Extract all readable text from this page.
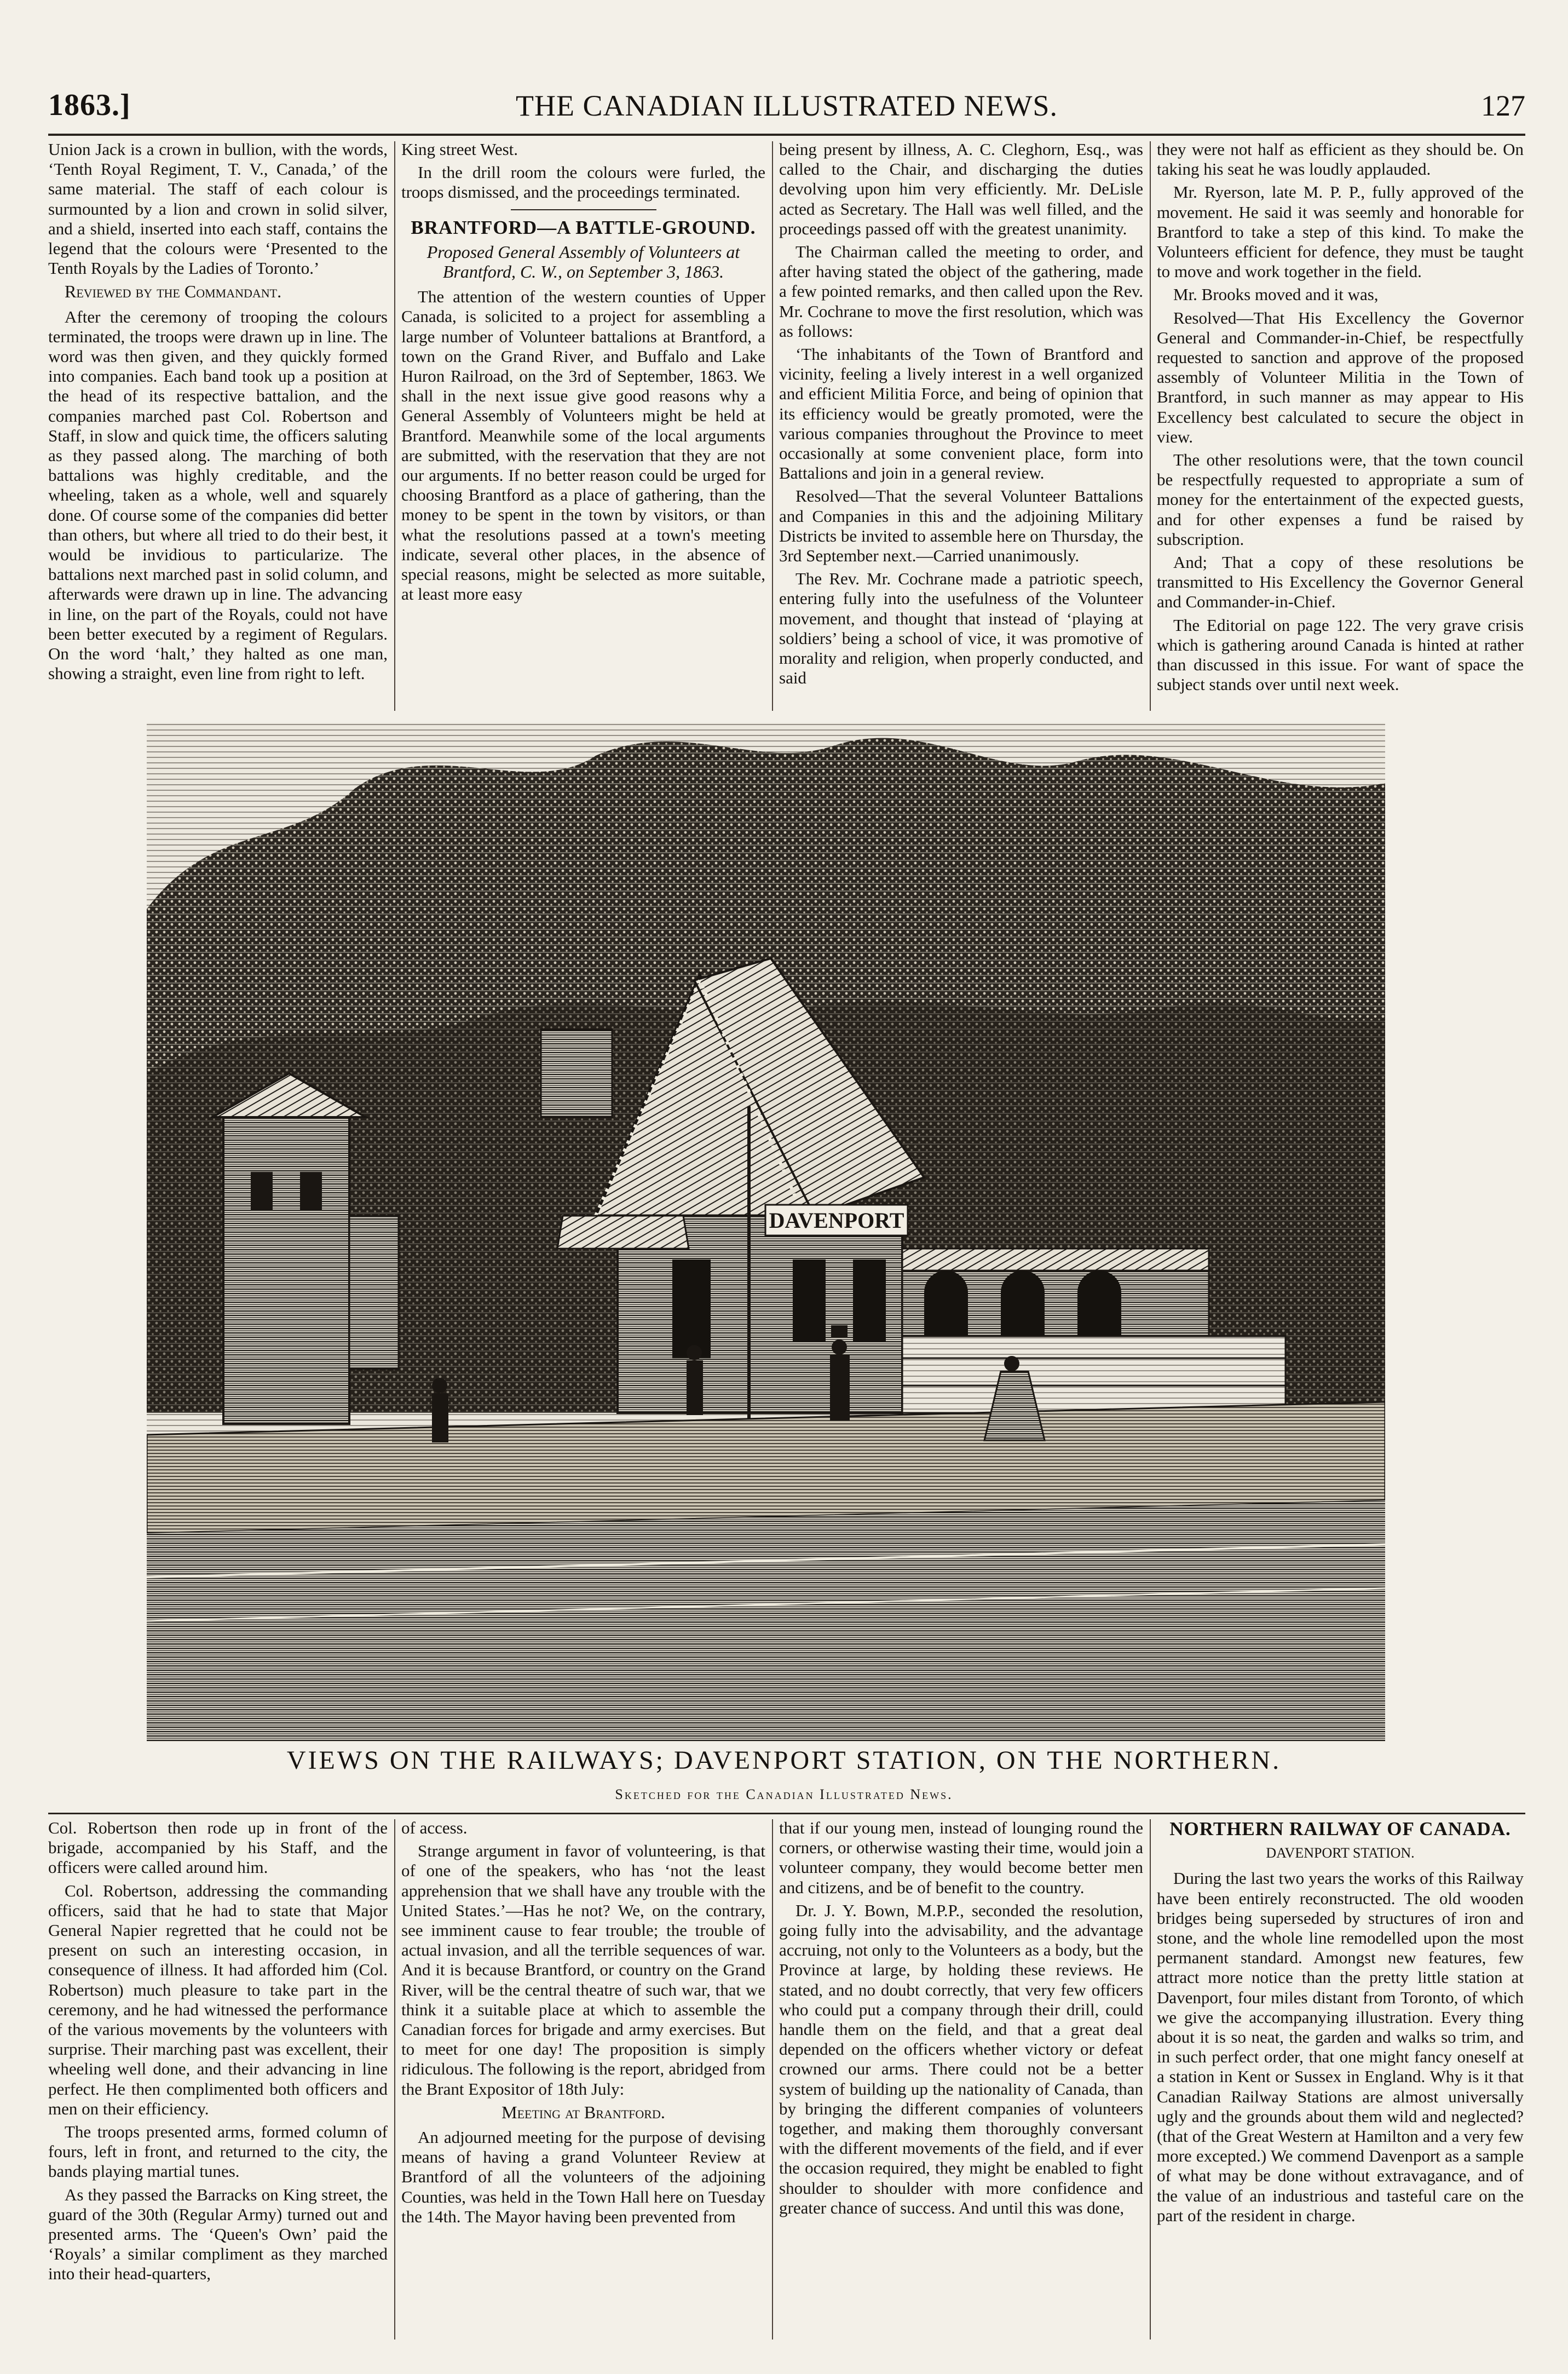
1863.]	THE CANADIAN ILLUSTRATED NEWS.	127

Union Jack is a crown in bullion, with the words, ‘Tenth Royal Regiment, T. V., Canada,’ of the same material. The staff of each colour is surmounted by a lion and crown in solid silver, and a shield, inserted into each staff, contains the legend that the colours were ‘Presented to the Tenth Royals by the Ladies of Toronto.’

Reviewed by the Commandant.

After the ceremony of trooping the colours terminated, the troops were drawn up in line. The word was then given, and they quickly formed into companies. Each band took up a position at the head of its respective battalion, and the companies marched past Col. Robertson and Staff, in slow and quick time, the officers saluting as they passed along. The marching of both battalions was highly creditable, and the wheeling, taken as a whole, well and squarely done. Of course some of the companies did better than others, but where all tried to do their best, it would be invidious to particularize. The battalions next marched past in solid column, and afterwards were drawn up in line. The advancing in line, on the part of the Royals, could not have been better executed by a regiment of Regulars. On the word ‘halt,’ they halted as one man, showing a straight, even line from right to left.

King street West.

In the drill room the colours were furled, the troops dismissed, and the proceedings terminated.

BRANTFORD—A BATTLE-GROUND.
Proposed General Assembly of Volunteers at Brantford, C. W., on September 3, 1863.

The attention of the western counties of Upper Canada, is solicited to a project for assembling a large number of Volunteer battalions at Brantford, a town on the Grand River, and Buffalo and Lake Huron Railroad, on the 3rd of September, 1863. We shall in the next issue give good reasons why a General Assembly of Volunteers might be held at Brantford. Meanwhile some of the local arguments are submitted, with the reservation that they are not our arguments. If no better reason could be urged for choosing Brantford as a place of gathering, than the money to be spent in the town by visitors, or than what the resolutions passed at a town's meeting indicate, several other places, in the absence of special reasons, might be selected as more suitable, at least more easy

being present by illness, A. C. Cleghorn, Esq., was called to the Chair, and discharging the duties devolving upon him very efficiently. Mr. DeLisle acted as Secretary. The Hall was well filled, and the proceedings passed off with the greatest unanimity.

The Chairman called the meeting to order, and after having stated the object of the gathering, made a few pointed remarks, and then called upon the Rev. Mr. Cochrane to move the first resolution, which was as follows:

‘The inhabitants of the Town of Brantford and vicinity, feeling a lively interest in a well organized and efficient Militia Force, and being of opinion that its efficiency would be greatly promoted, were the various companies throughout the Province to meet occasionally at some convenient place, form into Battalions and join in a general review.

Resolved—That the several Volunteer Battalions and Companies in this and the adjoining Military Districts be invited to assemble here on Thursday, the 3rd September next.—Carried unanimously.

The Rev. Mr. Cochrane made a patriotic speech, entering fully into the usefulness of the Volunteer movement, and thought that instead of ‘playing at soldiers’ being a school of vice, it was promotive of morality and religion, when properly conducted, and said

they were not half as efficient as they should be. On taking his seat he was loudly applauded.

Mr. Ryerson, late M. P. P., fully approved of the movement. He said it was seemly and honorable for Brantford to take a step of this kind. To make the Volunteers efficient for defence, they must be taught to move and work together in the field.

Mr. Brooks moved and it was,

Resolved—That His Excellency the Governor General and Commander-in-Chief, be respectfully requested to sanction and approve of the proposed assembly of Volunteer Militia in the Town of Brantford, in such manner as may appear to His Excellency best calculated to secure the object in view.

The other resolutions were, that the town council be respectfully requested to appropriate a sum of money for the entertainment of the expected guests, and for other expenses a fund be raised by subscription.

And; That a copy of these resolutions be transmitted to His Excellency the Governor General and Commander-in-Chief.

The Editorial on page 122. The very grave crisis which is gathering around Canada is hinted at rather than discussed in this issue. For want of space the subject stands over until next week.

DAVENPORT
VIEWS ON THE RAILWAYS; DAVENPORT STATION, ON THE NORTHERN.
Sketched for the Canadian Illustrated News.

Col. Robertson then rode up in front of the brigade, accompanied by his Staff, and the officers were called around him.

Col. Robertson, addressing the commanding officers, said that he had to state that Major General Napier regretted that he could not be present on such an interesting occasion, in consequence of illness. It had afforded him (Col. Robertson) much pleasure to take part in the ceremony, and he had witnessed the performance of the various movements by the volunteers with surprise. Their marching past was excellent, their wheeling well done, and their advancing in line perfect. He then complimented both officers and men on their efficiency.

The troops presented arms, formed column of fours, left in front, and returned to the city, the bands playing martial tunes.

As they passed the Barracks on King street, the guard of the 30th (Regular Army) turned out and presented arms. The ‘Queen's Own’ paid the ‘Royals’ a similar compliment as they marched into their head-quarters,

of access.

Strange argument in favor of volunteering, is that of one of the speakers, who has ‘not the least apprehension that we shall have any trouble with the United States.’—Has he not? We, on the contrary, see imminent cause to fear trouble; the trouble of actual invasion, and all the terrible sequences of war. And it is because Brantford, or country on the Grand River, will be the central theatre of such war, that we think it a suitable place at which to assemble the Canadian forces for brigade and army exercises. But to meet for one day! The proposition is simply ridiculous. The following is the report, abridged from the Brant Expositor of 18th July:

Meeting at Brantford.

An adjourned meeting for the purpose of devising means of having a grand Volunteer Review at Brantford of all the volunteers of the adjoining Counties, was held in the Town Hall here on Tuesday the 14th. The Mayor having been prevented from

that if our young men, instead of lounging round the corners, or otherwise wasting their time, would join a volunteer company, they would become better men and citizens, and be of benefit to the country.

Dr. J. Y. Bown, M.P.P., seconded the resolution, going fully into the advisability, and the advantage accruing, not only to the Volunteers as a body, but the Province at large, by holding these reviews. He stated, and no doubt correctly, that very few officers who could put a company through their drill, could handle them on the field, and that a great deal depended on the officers whether victory or defeat crowned our arms. There could not be a better system of building up the nationality of Canada, than by bringing the different companies of volunteers together, and making them thoroughly conversant with the different movements of the field, and if ever the occasion required, they might be enabled to fight shoulder to shoulder with more confidence and greater chance of success. And until this was done,

NORTHERN RAILWAY OF CANADA.
DAVENPORT STATION.

During the last two years the works of this Railway have been entirely reconstructed. The old wooden bridges being superseded by structures of iron and stone, and the whole line remodelled upon the most permanent standard. Amongst new features, few attract more notice than the pretty little station at Davenport, four miles distant from Toronto, of which we give the accompanying illustration. Every thing about it is so neat, the garden and walks so trim, and in such perfect order, that one might fancy oneself at a station in Kent or Sussex in England. Why is it that Canadian Railway Stations are almost universally ugly and the grounds about them wild and neglected? (that of the Great Western at Hamilton and a very few more excepted.) We commend Davenport as a sample of what may be done without extravagance, and of the value of an industrious and tasteful care on the part of the resident in charge.
